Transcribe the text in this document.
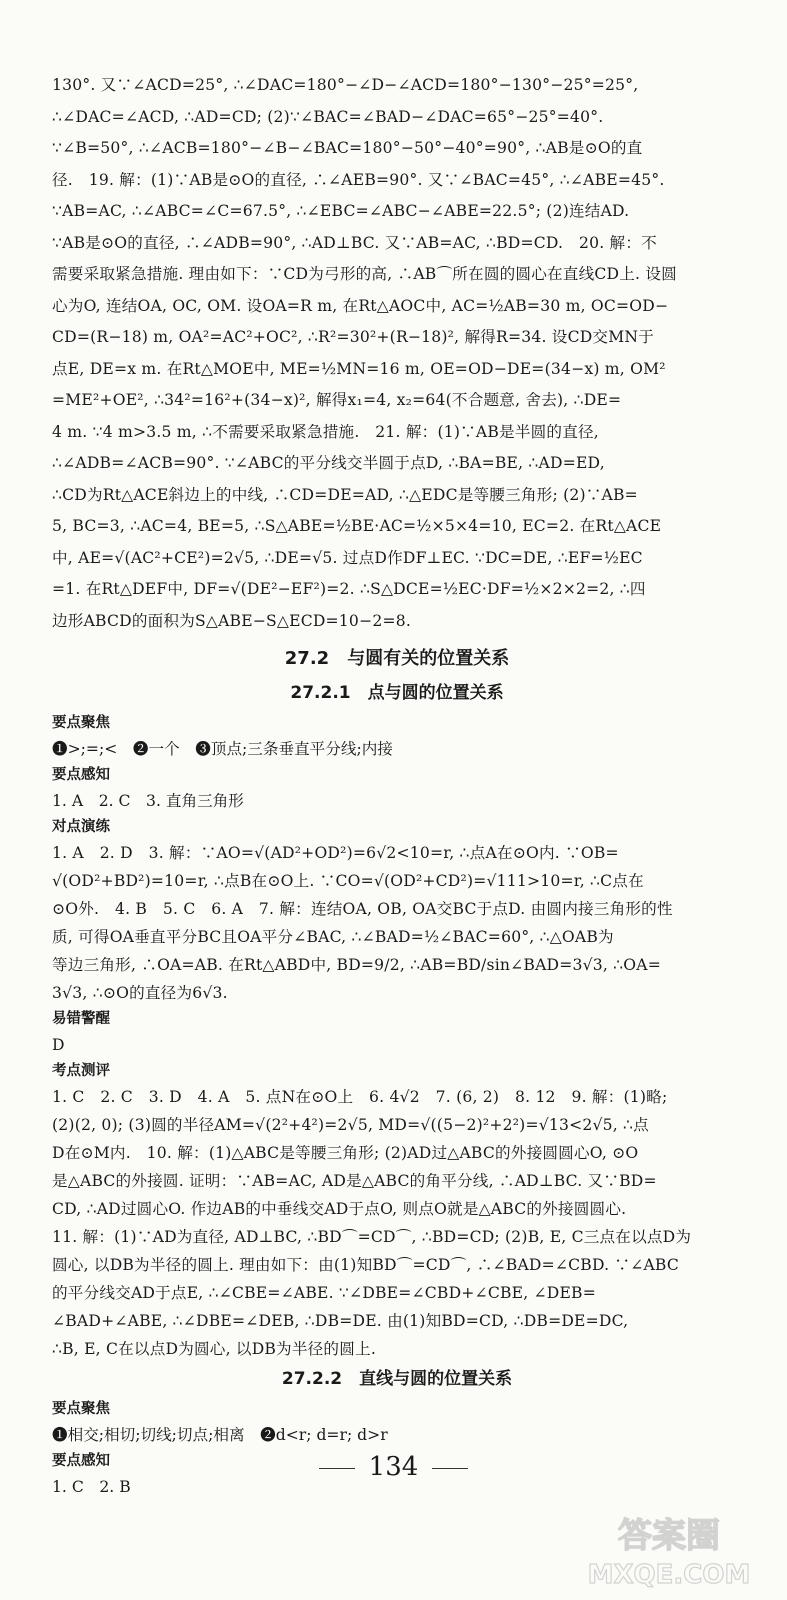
130°. 又∵∠ACD=25°, ∴∠DAC=180°−∠D−∠ACD=180°−130°−25°=25°,

∴∠DAC=∠ACD, ∴AD=CD; (2)∵∠BAC=∠BAD−∠DAC=65°−25°=40°.

∵∠B=50°, ∴∠ACB=180°−∠B−∠BAC=180°−50°−40°=90°, ∴AB是⊙O的直

径.　19. 解：(1)∵AB是⊙O的直径, ∴∠AEB=90°. 又∵∠BAC=45°, ∴∠ABE=45°.

∵AB=AC, ∴∠ABC=∠C=67.5°, ∴∠EBC=∠ABC−∠ABE=22.5°; (2)连结AD.

∵AB是⊙O的直径, ∴∠ADB=90°, ∴AD⊥BC. 又∵AB=AC, ∴BD=CD.　20. 解：不

需要采取紧急措施. 理由如下：∵CD为弓形的高, ∴AB⌒所在圆的圆心在直线CD上. 设圆

心为O, 连结OA, OC, OM. 设OA=R m, 在Rt△AOC中, AC=½AB=30 m, OC=OD−

CD=(R−18) m, OA²=AC²+OC², ∴R²=30²+(R−18)², 解得R=34. 设CD交MN于

点E, DE=x m. 在Rt△MOE中, ME=½MN=16 m, OE=OD−DE=(34−x) m, OM²

=ME²+OE², ∴34²=16²+(34−x)², 解得x₁=4, x₂=64(不合题意, 舍去), ∴DE=

4 m. ∵4 m>3.5 m, ∴不需要采取紧急措施.　21. 解：(1)∵AB是半圆的直径,

∴∠ADB=∠ACB=90°. ∵∠ABC的平分线交半圆于点D, ∴BA=BE, ∴AD=ED,

∴CD为Rt△ACE斜边上的中线, ∴CD=DE=AD, ∴△EDC是等腰三角形; (2)∵AB=

5, BC=3, ∴AC=4, BE=5, ∴S△ABE=½BE·AC=½×5×4=10, EC=2. 在Rt△ACE

中, AE=√(AC²+CE²)=2√5, ∴DE=√5. 过点D作DF⊥EC. ∵DC=DE, ∴EF=½EC

=1. 在Rt△DEF中, DF=√(DE²−EF²)=2. ∴S△DCE=½EC·DF=½×2×2=2, ∴四

边形ABCD的面积为S△ABE−S△ECD=10−2=8.

27.2　与圆有关的位置关系
27.2.1　点与圆的位置关系

要点聚焦

❶>;=;<　❷一个　❸顶点;三条垂直平分线;内接

要点感知

1. A　2. C　3. 直角三角形

对点演练

1. A　2. D　3. 解：∵AO=√(AD²+OD²)=6√2<10=r, ∴点A在⊙O内. ∵OB=

√(OD²+BD²)=10=r, ∴点B在⊙O上. ∵CO=√(OD²+CD²)=√111>10=r, ∴C点在

⊙O外.　4. B　5. C　6. A　7. 解：连结OA, OB, OA交BC于点D. 由圆内接三角形的性

质, 可得OA垂直平分BC且OA平分∠BAC, ∴∠BAD=½∠BAC=60°, ∴△OAB为

等边三角形, ∴OA=AB. 在Rt△ABD中, BD=9/2, ∴AB=BD/sin∠BAD=3√3, ∴OA=

3√3, ∴⊙O的直径为6√3.

易错警醒

D

考点测评

1. C　2. C　3. D　4. A　5. 点N在⊙O上　6. 4√2　7. (6, 2)　8. 12　9. 解：(1)略;

(2)(2, 0); (3)圆的半径AM=√(2²+4²)=2√5, MD=√((5−2)²+2²)=√13<2√5, ∴点

D在⊙M内.　10. 解：(1)△ABC是等腰三角形; (2)AD过△ABC的外接圆圆心O, ⊙O

是△ABC的外接圆. 证明：∵AB=AC, AD是△ABC的角平分线, ∴AD⊥BC. 又∵BD=

CD, ∴AD过圆心O. 作边AB的中垂线交AD于点O, 则点O就是△ABC的外接圆圆心.

11. 解：(1)∵AD为直径, AD⊥BC, ∴BD⌒=CD⌒, ∴BD=CD; (2)B, E, C三点在以点D为

圆心, 以DB为半径的圆上. 理由如下：由(1)知BD⌒=CD⌒, ∴∠BAD=∠CBD. ∵∠ABC

的平分线交AD于点E, ∴∠CBE=∠ABE. ∵∠DBE=∠CBD+∠CBE, ∠DEB=

∠BAD+∠ABE, ∴∠DBE=∠DEB, ∴DB=DE. 由(1)知BD=CD, ∴DB=DE=DC,

∴B, E, C在以点D为圆心, 以DB为半径的圆上.

27.2.2　直线与圆的位置关系

要点聚焦

❶相交;相切;切线;切点;相离　❷d<r; d=r; d>r

要点感知

1. C　2. B

134
答案圈
MXQE.COM
